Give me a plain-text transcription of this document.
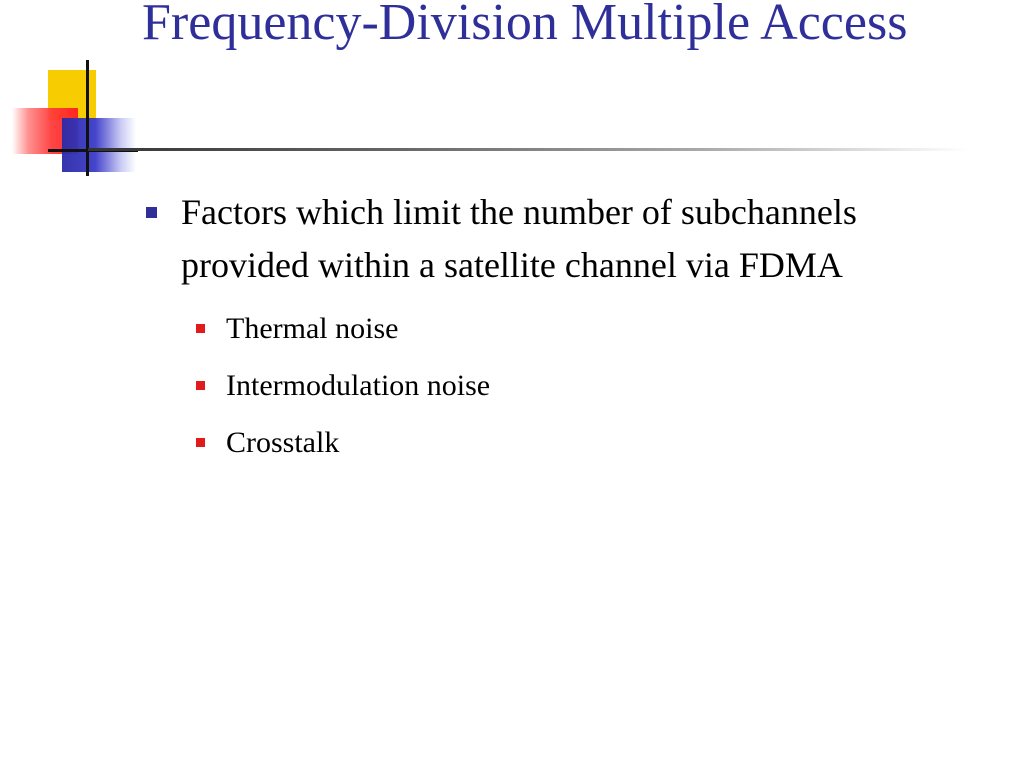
Frequency-Division Multiple Access
Factors which limit the number of subchannels provided within a satellite channel via FDMA
Thermal noise
Intermodulation noise
Crosstalk
